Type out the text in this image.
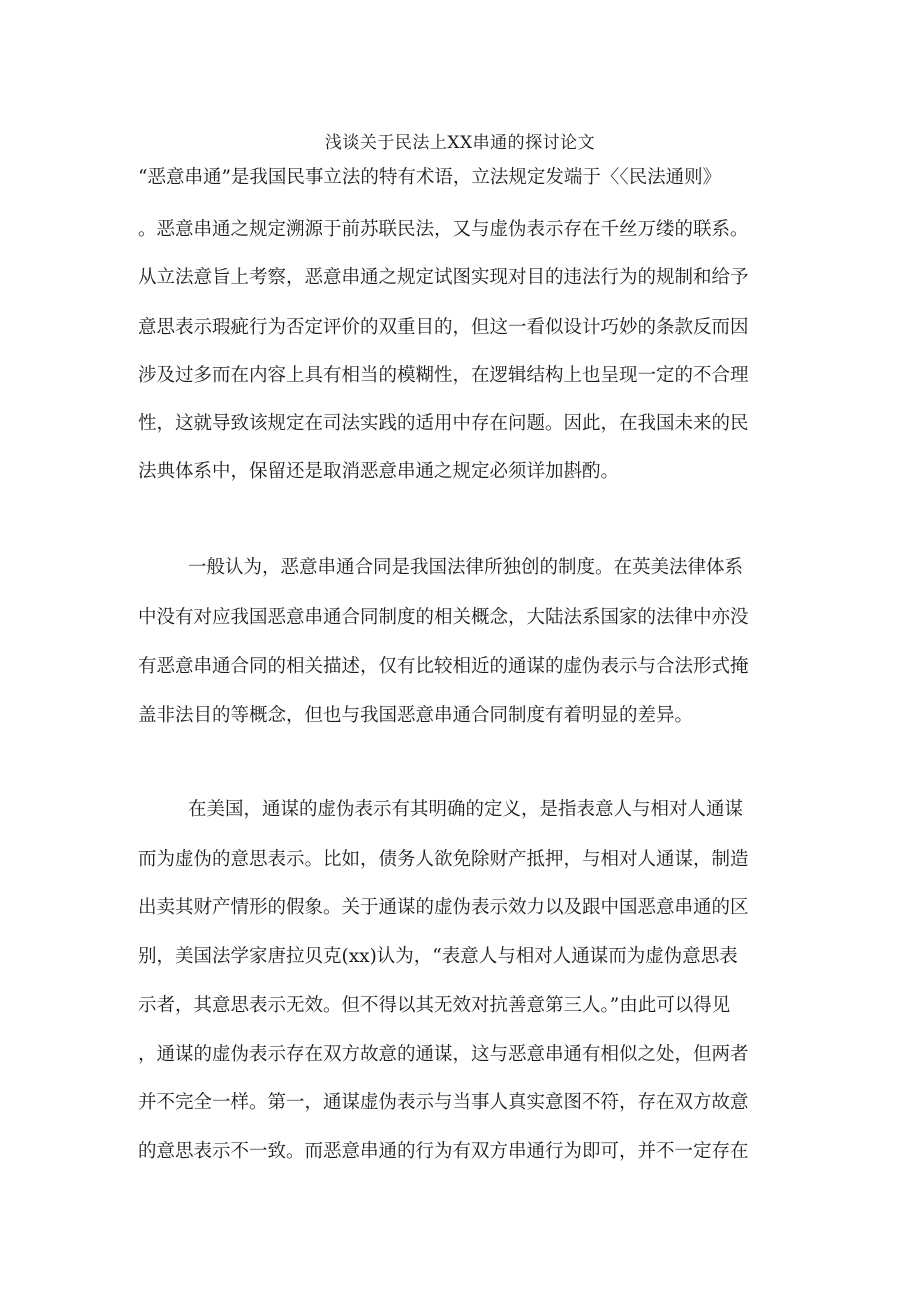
浅谈关于民法上XX串通的探讨论文
“恶意串通”是我国民事立法的特有术语，立法规定发端于〈〈民法通则》
。恶意串通之规定溯源于前苏联民法，又与虚伪表示存在千丝万缕的联系。
从立法意旨上考察，恶意串通之规定试图实现对目的违法行为的规制和给予
意思表示瑕疵行为否定评价的双重目的，但这一看似设计巧妙的条款反而因
涉及过多而在内容上具有相当的模糊性，在逻辑结构上也呈现一定的不合理
性，这就导致该规定在司法实践的适用中存在问题。因此，在我国未来的民
法典体系中，保留还是取消恶意串通之规定必须详加斟酌。
一般认为，恶意串通合同是我国法律所独创的制度。在英美法律体系
中没有对应我国恶意串通合同制度的相关概念，大陆法系国家的法律中亦没
有恶意串通合同的相关描述，仅有比较相近的通谋的虚伪表示与合法形式掩
盖非法目的等概念，但也与我国恶意串通合同制度有着明显的差异。
在美国，通谋的虚伪表示有其明确的定义，是指表意人与相对人通谋
而为虚伪的意思表示。比如，债务人欲免除财产抵押，与相对人通谋，制造
出卖其财产情形的假象。关于通谋的虚伪表示效力以及跟中国恶意串通的区
别，美国法学家唐拉贝克(xx)认为，“表意人与相对人通谋而为虚伪意思表
示者，其意思表示无效。但不得以其无效对抗善意第三人。”由此可以得见
，通谋的虚伪表示存在双方故意的通谋，这与恶意串通有相似之处，但两者
并不完全一样。第一，通谋虚伪表示与当事人真实意图不符，存在双方故意
的意思表示不一致。而恶意串通的行为有双方串通行为即可，并不一定存在
